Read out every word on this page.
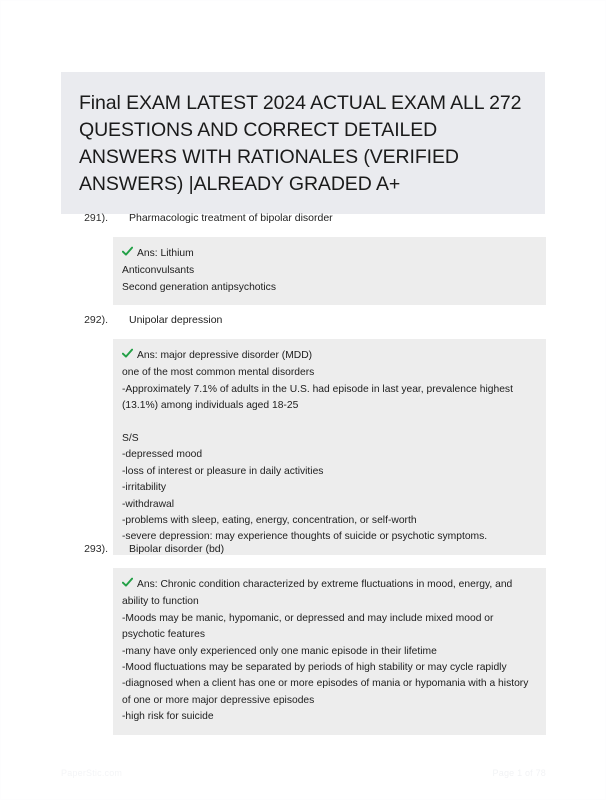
Final EXAM LATEST 2024 ACTUAL EXAM ALL 272 QUESTIONS AND CORRECT DETAILED ANSWERS WITH RATIONALES (VERIFIED ANSWERS) |ALREADY GRADED A+
291). Pharmacologic treatment of bipolar disorder
Ans: Lithium
Anticonvulsants
Second generation antipsychotics
292). Unipolar depression
Ans: major depressive disorder (MDD)
one of the most common mental disorders
-Approximately 7.1% of adults in the U.S. had episode in last year, prevalence highest (13.1%) among individuals aged 18-25
S/S
-depressed mood
-loss of interest or pleasure in daily activities
-irritability
-withdrawal
-problems with sleep, eating, energy, concentration, or self-worth
-severe depression: may experience thoughts of suicide or psychotic symptoms.
293). Bipolar disorder (bd)
Ans: Chronic condition characterized by extreme fluctuations in mood, energy, and ability to function
-Moods may be manic, hypomanic, or depressed and may include mixed mood or psychotic features
-many have only experienced only one manic episode in their lifetime
-Mood fluctuations may be separated by periods of high stability or may cycle rapidly
-diagnosed when a client has one or more episodes of mania or hypomania with a history of one or more major depressive episodes
-high risk for suicide
PaperStic.com	Page 1 of 78
